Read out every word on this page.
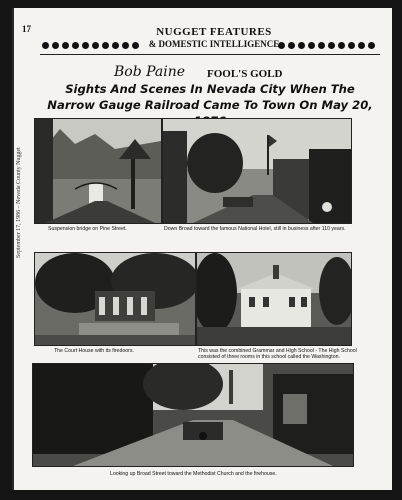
17
September 17, 1986 – Nevada County Nugget
NUGGET FEATURES
& DOMESTIC INTELLIGENCE
Bob Paine FOOL'S GOLD
Sights And Scenes In Nevada City When The Narrow Gauge Railroad Came To Town On May 20,
Suspension bridge on Pine Street.	Down Broad toward the famous National Hotel, still in business after 110 years.
The Court House with its firedoors.	This was the combined Grammar and High School - The High School consisted of three rooms in this school called the Washington.
Looking up Broad Street toward the Methodist Church and the firehouse.
